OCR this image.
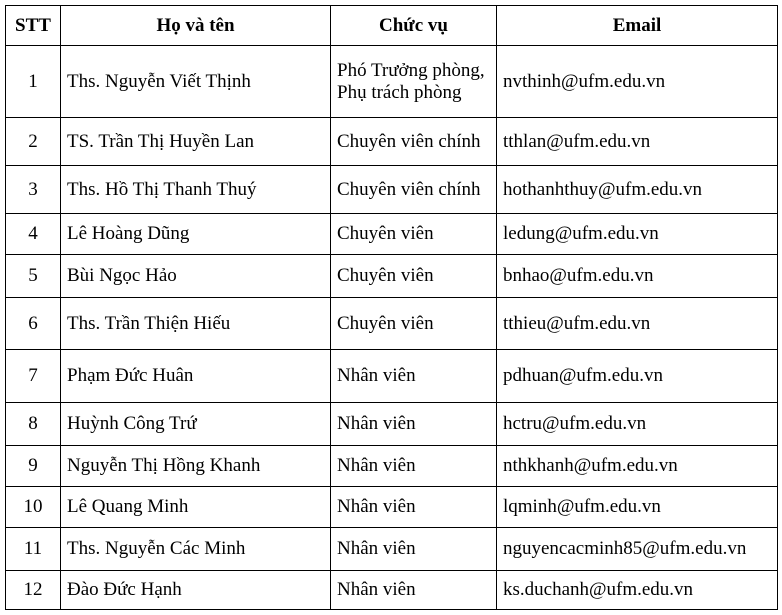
STT	Họ và tên	Chức vụ	Email
1	Ths. Nguyễn Viết Thịnh	Phó Trưởng phòng, Phụ trách phòng	nvthinh@ufm.edu.vn
2	TS. Trần Thị Huyền Lan	Chuyên viên chính	tthlan@ufm.edu.vn
3	Ths. Hồ Thị Thanh Thuý	Chuyên viên chính	hothanhthuy@ufm.edu.vn
4	Lê Hoàng Dũng	Chuyên viên	ledung@ufm.edu.vn
5	Bùi Ngọc Hảo	Chuyên viên	bnhao@ufm.edu.vn
6	Ths. Trần Thiện Hiếu	Chuyên viên	tthieu@ufm.edu.vn
7	Phạm Đức Huân	Nhân viên	pdhuan@ufm.edu.vn
8	Huỳnh Công Trứ	Nhân viên	hctru@ufm.edu.vn
9	Nguyễn Thị Hồng Khanh	Nhân viên	nthkhanh@ufm.edu.vn
10	Lê Quang Minh	Nhân viên	lqminh@ufm.edu.vn
11	Ths. Nguyễn Các Minh	Nhân viên	nguyencacminh85@ufm.edu.vn
12	Đào Đức Hạnh	Nhân viên	ks.duchanh@ufm.edu.vn
